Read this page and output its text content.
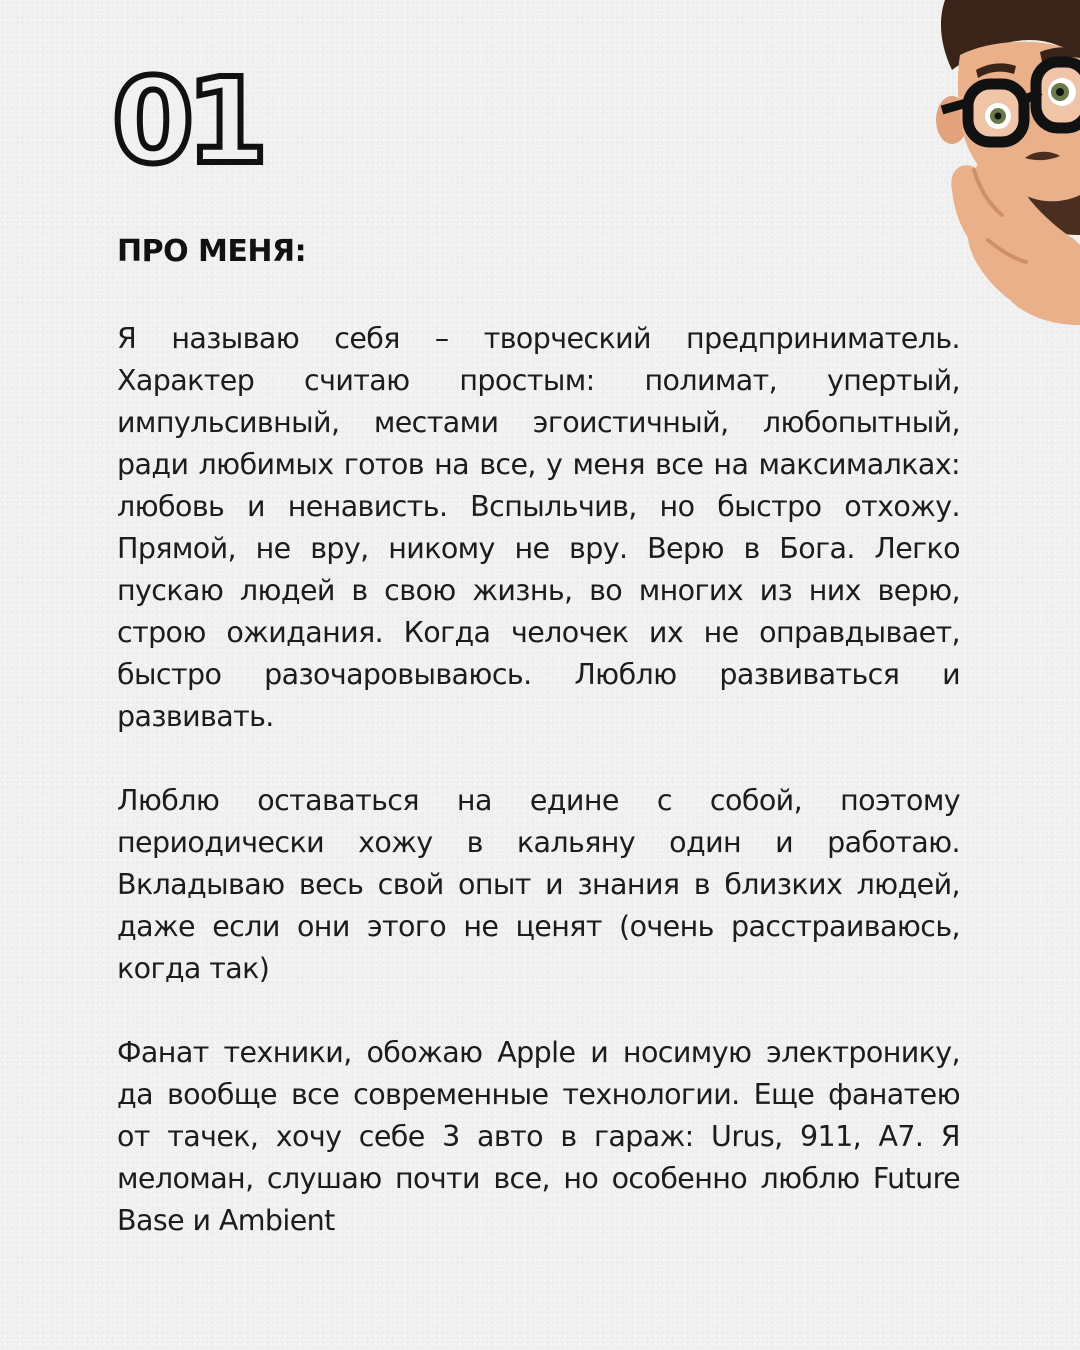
01
ПРО МЕНЯ:

Я называю себя – творческий предприниматель. Характер считаю простым: полимат, упертый, импульсивный, местами эгоистичный, любопытный, ради любимых готов на все, у меня все на максималках: любовь и ненависть. Вспыльчив, но быстро отхожу. Прямой, не вру, никому не вру. Верю в Бога. Легко пускаю людей в свою жизнь, во многих из них верю, строю ожидания. Когда челочек их не оправдывает, быстро разочаровываюсь. Люблю развиваться и развивать.

Люблю оставаться на едине с собой, поэтому периодически хожу в кальяну один и работаю. Вкладываю весь свой опыт и знания в близких людей, даже если они этого не ценят (очень расстраиваюсь, когда так)

Фанат техники, обожаю Apple и носимую электронику, да вообще все современные технологии. Еще фанатею от тачек, хочу себе 3 авто в гараж: Urus, 911, A7. Я меломан, слушаю почти все, но особенно люблю Future Base и Ambient
